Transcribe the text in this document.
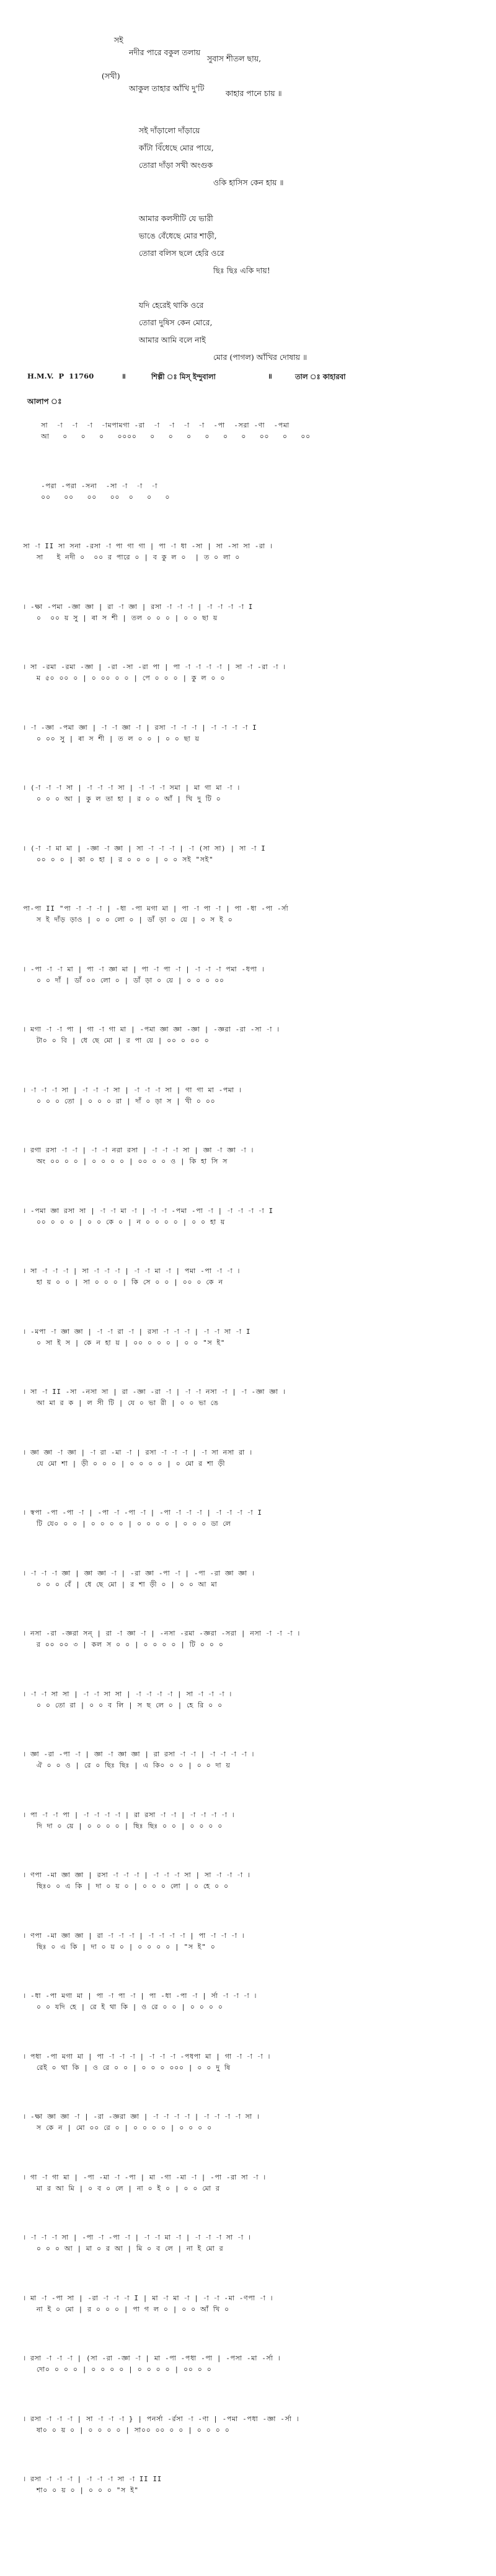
সই

নদীর পারে বকুল তলায়

সুবাস শীতল ছায়,

(সখী)

আকুল তাহার আঁখি দু'টি

কাহার পানে চায় ॥

সই দাঁড়ালো দাঁড়ায়ে

কাঁটা বিঁধেছে মোর পায়ে,

তোরা দাঁড়া সখী অংগুক

ওকি হাসিস কেন হায় ॥

আমার কলসীটি যে ভারী

ভাঙে বেঁধেছে মোর শাড়ী,

তোরা বলিস ছলে হেরি ওরে

ছিঃ ছিঃ একি দায়!

যদি হেরেই থাকি ওরে

তোরা দুষিস কেন মোরে,

আমার আমি বলে নাই

মোর (পাগল) আঁখির দোষায় ॥

H.M.V.  P  11760

	॥

	শিল্পী ঃ মিস্ ইন্দুবালা

	॥

	তাল ঃ কাহারবা

আলাপ ঃ
সা  -া  -া  -া  -ামপামগা -রা  -া  -া  -া  -া  -পা  -সরা -ণা  -পমা
আ   ০   ০   ০   ০০০০   ০   ০   ০   ০   ০   ০   ০০   ০   ০০
-পরা -পরা -সনা  -সা -া  -া  -া
০০   ০০   ০০   ০০  ০   ০   ০
সা -া II সা সনা -রসা -া পা গা গা | পা -া ধা -সা | সা -সা সা -রা ।
সা   ই নদী ০  ০০ র পারে ০ | ব কু ল ০  | ত ০ লা ০
। -ক্ষা -পমা -জ্ঞা জ্ঞা | রা -া জ্ঞা | রসা -া -া -া | -া -া -া -া I
০  ০০ য় সু | ৰা স শী | তল ০ ০ ০ | ০ ০ ছা য়
। সা -রমা -রমা -জ্ঞা | -রা -সা -রা পা | পা -া -া -া -া | সা -া -রা -া ।
ম ৫০ ০০ ০ | ০ ০০ ০ ০ | পে ০ ০ ০ | কু ল ০ ০
। -া -জ্ঞা -পমা জ্ঞা | -া -া জ্ঞা -া | রসা -া -া -া | -া -া -া -া I
০ ০০ সু | ৰা স শী | ত ল ০ ০ | ০ ০ ছা য়
। (-া -া -া সা | -া -া -া সা | -া -া -া সমা | মা গা মা -া ।
০ ০ ০ আ | কু ল তা হা | র ০ ০ আঁ | খি দু টি ০
। (-া -া মা মা | -জ্ঞা -া জ্ঞা | সা -া -া -া | -া (সা সা) | সা -া I
০০ ০ ০ | কা ০ হা | র ০ ০ ০ | ০ ০ সই "সই"
পা-পা II "পা -া -া -া | -ধা -পা মগা মা | পা -া পা -া | পা -ধা -পা -র্সা
স ই দাঁড় ড়াও | ০ ০ লো ০ | ডাঁ ড়া ০ য়ে | ০ স ই ০
। -পা -া -া মা | পা -া জ্ঞা মা | পা -া পা -া | -া -া -া পমা -ধপা ।
০ ০ দাঁ | ডাঁ ০০ লো ০ | ডাঁ ড়া ০ য়ে | ০ ০ ০ ০০
। মগা -া -া পা | গা -া গা মা | -পমা জ্ঞা জ্ঞা -জ্ঞা | -জ্ঞরা -রা -সা -া ।
টা০ ০ বি | ধে ছে মো | র পা য়ে | ০০ ০ ০০ ০
। -া -া -া সা | -া -া -া সা | -া -া -া সা | গা গা মা -পমা ।
০ ০ ০ তো | ০ ০ ০ রা | দাঁ ০ ড়া স | খী ০ ০০
। রগা রসা -া -া | -া -া নরা রসা | -া -া -া সা | জ্ঞা -া জ্ঞা -া ।
অং ০০ ০ ০ | ০ ০ ০ ০ | ০০ ০ ০ ও | কি হা সি স
। -পমা জ্ঞা রসা সা | -া -া মা -া | -া -া -পমা -পা -া | -া -া -া -া I
০০ ০ ০ ০ | ০ ০ কে ০ | ন ০ ০ ০ ০ | ০ ০ হা য়
। সা -া -া -া | সা -া -া -া | -া -া মা -া | পমা -পা -া -া ।
হা য় ০ ০ | সা ০ ০ ০ | কি সে ০ ০ | ০০ ০ কে ন
। -মপা -া জ্ঞা জ্ঞা | -া -া রা -া | রসা -া -া -া | -া -া সা -া I
০ সা ই স | কে ন হা য় | ০০ ০ ০ ০ | ০ ০ "স ই"
। সা -া II -সা -নসা সা | রা -জ্ঞা -রা -া | -া -া নসা -া | -া -জ্ঞা জ্ঞা ।
আ মা র ক | ল সী টি | যে ০ ভা রী | ০ ০ ভা ঙে
। জ্ঞা জ্ঞা -া জ্ঞা | -া রা -মা -া | রসা -া -া -া | -া সা নসা রা ।
যে মো শা | ড়ী ০ ০ ০ | ০ ০ ০ ০ | ০ মো র শা ড়ী
। স্বপা -পা -পা -া | -পা -া -পা -া | -পা -া -া -া | -া -া -া -া I
টি যে০ ০ ০ | ০ ০ ০ ০ | ০ ০ ০ ০ | ০ ০ ০ ডা লে
। -া -া -া জ্ঞা | জ্ঞা জ্ঞা -া | -রা জ্ঞা -পা -া | -পা -রা জ্ঞা জ্ঞা ।
০ ০ ০ বেঁ | ধে ছে মো | র শা ড়ী ০ | ০ ০ আ মা
। নসা -রা -জ্ঞরা সন্ | রা -া জ্ঞা -া | -নসা -রমা -জ্ঞরা -সরা | নসা -া -া -া ।
র ০০ ০০ ৩ | কল স ০ ০ | ০ ০ ০ ০ | টি ০ ০ ০
। -া -া সা সা | -া -া সা সা | -া -া -া -া | সা -া -া -া ।
০ ০ তো রা | ০ ০ ব লি | স ছ লে ০ | হে রি ০ ০
। জ্ঞা -রা -পা -া | জ্ঞা -া জ্ঞা জ্ঞা | রা রসা -া -া | -া -া -া -া ।
ঐ ০ ০ ও | রে ০ ছিঃ ছিঃ | এ কি০ ০ ০ | ০ ০ দা য়
। পা -া -া পা | -া -া -া -া | রা রসা -া -া | -া -া -া -া ।
দি দা ০ য়ে | ০ ০ ০ ০ | ছিঃ ছিঃ ০ ০ | ০ ০ ০ ০
। ণপা -মা জ্ঞা জ্ঞা | রসা -া -া -া | -া -া -া সা | সা -া -া -া ।
ছিঃ০ ০ এ কি | দা ০ য় ০ | ০ ০ ০ লো | ০ হে ০ ০
। ণপা -মা জ্ঞা জ্ঞা | রা -া -া -া | -া -া -া -া | পা -া -া -া ।
ছিঃ ০ এ কি | দা ০ য় ০ | ০ ০ ০ ০ | "স ই" ০
। -ধা -পা মগা মা | পা -া পা -া | পা -ধা -পা -া | র্সা -া -া -া ।
০ ০ যদি হে | রে ই থা কি | ও রে ০ ০ | ০ ০ ০ ০
। পধা -পা মগা মা | পা -া -া -া | -া -া -া -পধপা মা | গা -া -া -া ।
রেই ০ থা কি | ও রে ০ ০ | ০ ০ ০ ০০০ | ০ ০ দু ষি
। -ক্ষা জ্ঞা জ্ঞা -া | -রা -জ্ঞরা জ্ঞা | -া -া -া -া | -া -া -া -া সা ।
স কে ন | মো ০০ রে ০ | ০ ০ ০ ০ | ০ ০ ০ ০
। গা -া গা মা | -পা -মা -া -পা | মা -গা -মা -া | -পা -রা সা -া ।
মা র আ মি | ০ ব ০ লে | না ০ ই ০ | ০ ০ মো র
। -া -া -া সা | -পা -া -পা -া | -া -া মা -া | -া -া -া সা -া ।
০ ০ ০ আ | মা ০ র আ | মি ০ ব লে | না ই মো র
। মা -া -পা সা | -রা -া -া -া I | মা -া মা -া | -া -া -মা -ণপা -া ।
না ই ০ মো | র ০ ০ ০ | পা গ ল ০ | ০ ০ আঁ খি ০
। রসা -া -া -া | (সা -রা -জ্ঞা -া | মা -পা -পধা -পা | -পসা -মা -র্সা ।
দো০ ০ ০ ০ | ০ ০ ০ ০ | ০ ০ ০ ০ | ০০ ০ ০
। রসা -া -া -া | সা -া -া -া } | পনর্সা -র্রসা -া -ণা | -পমা -পধা -জ্ঞা -র্সা ।
ষা০ ০ য় ০ | ০ ০ ০ ০ | সা০০ ০০ ০ ০ | ০ ০ ০ ০
। রসা -া -া -া | -া -া -া সা -া II II
শা০ ০ য় ০ | ০ ০ ০ "স ই"
